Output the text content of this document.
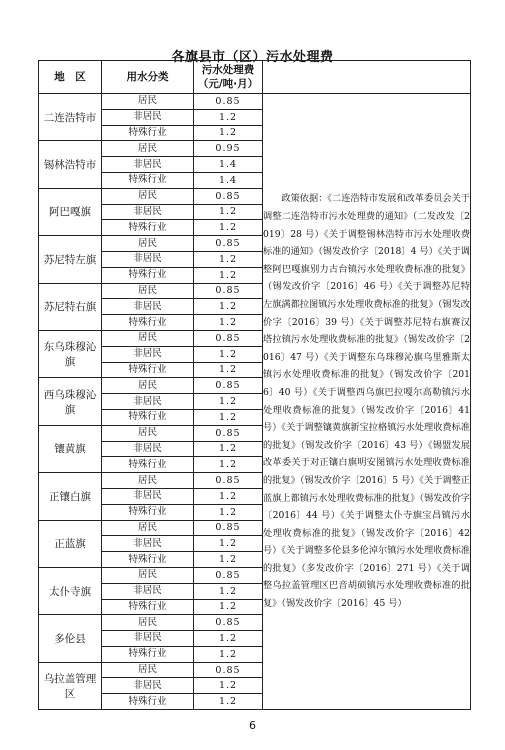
各旗县市（区）污水处理费
地　区	用水分类	污水处理费
（元/吨·月）	

二连浩特市	居民	0.85	　　政策依据：《二连浩特市发展和改革委员会关于调整二连浩特市污水处理费的通知》（二发改发〔2019〕28 号）《关于调整锡林浩特市污水处理收费标准的通知》（锡发改价字〔2018〕4 号）《关于调整阿巴嘎旗别力古台镇污水处理收费标准的批复》（锡发改价字〔2016〕46 号）《关于调整苏尼特左旗满都拉图镇污水处理收费标准的批复》（锡发改价字〔2016〕39 号）《关于调整苏尼特右旗赛汉塔拉镇污水处理收费标准的批复》（锡发改价字〔2016〕47 号）《关于调整东乌珠穆沁旗乌里雅斯太镇污水处理收费标准的批复》（锡发改价字〔2016〕40 号）《关于调整西乌旗巴拉嘎尔高勒镇污水处理收费标准的批复》（锡发改价字〔2016〕41 号）《关于调整镶黄旗新宝拉格镇污水处理收费标准的批复》（锡发改价字〔2016〕43 号）《锡盟发展改革委关于对正镶白旗明安图镇污水处理收费标准的批复》（锡发改价字〔2016〕5 号）《关于调整正蓝旗上都镇污水处理收费标准的批复》（锡发改价字〔2016〕44 号）《关于调整太仆寺旗宝昌镇污水处理收费标准的批复》（锡发改价字〔2016〕42 号）《关于调整多伦县多伦淖尔镇污水处理收费标准的批复》（多发改价字〔2016〕271 号）《关于调整乌拉盖管理区巴音胡硕镇污水处理收费标准的批复》（锡发改价字〔2016〕45 号）
	非居民	1.2	
	特殊行业	1.2	
锡林浩特市	居民	0.95	
	非居民	1.4	
	特殊行业	1.4	
阿巴嘎旗	居民	0.85	
	非居民	1.2	
	特殊行业	1.2	
苏尼特左旗	居民	0.85	
	非居民	1.2	
	特殊行业	1.2	
苏尼特右旗	居民	0.85	
	非居民	1.2	
	特殊行业	1.2	
东乌珠穆沁旗	居民	0.85	
	非居民	1.2	
	特殊行业	1.2	
西乌珠穆沁旗	居民	0.85	
	非居民	1.2	
	特殊行业	1.2	
镶黄旗	居民	0.85	
	非居民	1.2	
	特殊行业	1.2	
正镶白旗	居民	0.85	
	非居民	1.2	
	特殊行业	1.2	
正蓝旗	居民	0.85	
	非居民	1.2	
	特殊行业	1.2	
太仆寺旗	居民	0.85	
	非居民	1.2	
	特殊行业	1.2	
多伦县	居民	0.85	
	非居民	1.2	
	特殊行业	1.2	
乌拉盖管理区	居民	0.85	
	非居民	1.2	
	特殊行业	1.2	
6
